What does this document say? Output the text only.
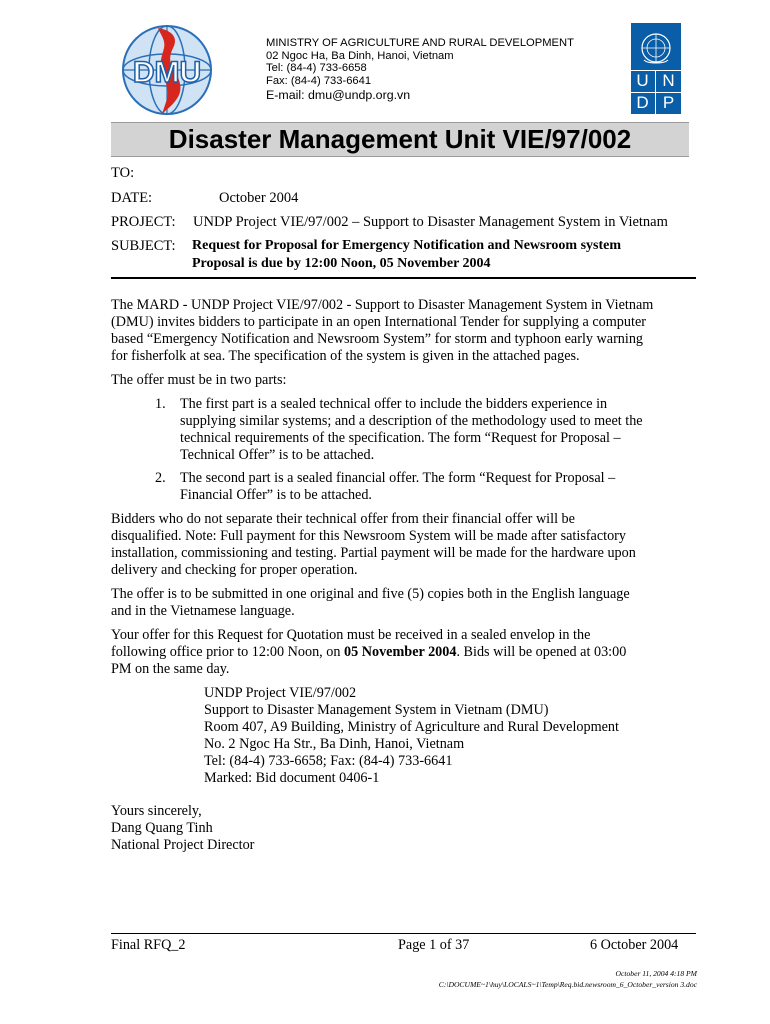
DMU
MINISTRY OF AGRICULTURE AND RURAL DEVELOPMENT
02 Ngoc Ha, Ba Dinh, Hanoi, Vietnam
Tel: (84-4) 733-6658
Fax: (84-4) 733-6641
E-mail: dmu@undp.org.vn
U N
D P
Disaster Management Unit VIE/97/002
TO:
DATE:	October 2004
PROJECT: UNDP Project VIE/97/002 – Support to Disaster Management System in Vietnam
SUBJECT: Request for Proposal for Emergency Notification and Newsroom system
Proposal is due by 12:00 Noon, 05 November 2004

The MARD - UNDP Project VIE/97/002 - Support to Disaster Management System in Vietnam

(DMU) invites bidders to participate in an open International Tender for supplying a computer

based “Emergency Notification and Newsroom System” for storm and typhoon early warning

for fisherfolk at sea. The specification of the system is given in the attached pages.

The offer must be in two parts:
1. The first part is a sealed technical offer to include the bidders experience in
supplying similar systems; and a description of the methodology used to meet the
technical requirements of the specification. The form “Request for Proposal –
Technical Offer” is to be attached.
2. The second part is a sealed financial offer. The form “Request for Proposal –
Financial Offer” is to be attached.

Bidders who do not separate their technical offer from their financial offer will be

disqualified. Note: Full payment for this Newsroom System will be made after satisfactory

installation, commissioning and testing. Partial payment will be made for the hardware upon

delivery and checking for proper operation.

The offer is to be submitted in one original and five (5) copies both in the English language

and in the Vietnamese language.

Your offer for this Request for Quotation must be received in a sealed envelop in the

following office prior to 12:00 Noon, on 05 November 2004. Bids will be opened at 03:00

PM on the same day.

UNDP Project VIE/97/002
Support to Disaster Management System in Vietnam (DMU)
Room 407, A9 Building, Ministry of Agriculture and Rural Development
No. 2 Ngoc Ha Str., Ba Dinh, Hanoi, Vietnam
Tel: (84-4) 733-6658; Fax: (84-4) 733-6641
Marked: Bid document 0406-1
Yours sincerely,
Dang Quang Tinh
National Project Director
Final RFQ_2	Page 1 of 37	6 October 2004
October 11, 2004 4:18 PM
C:\DOCUME~1\huy\LOCALS~1\Temp\Req.bid.newsroom_6_October_version 3.doc
